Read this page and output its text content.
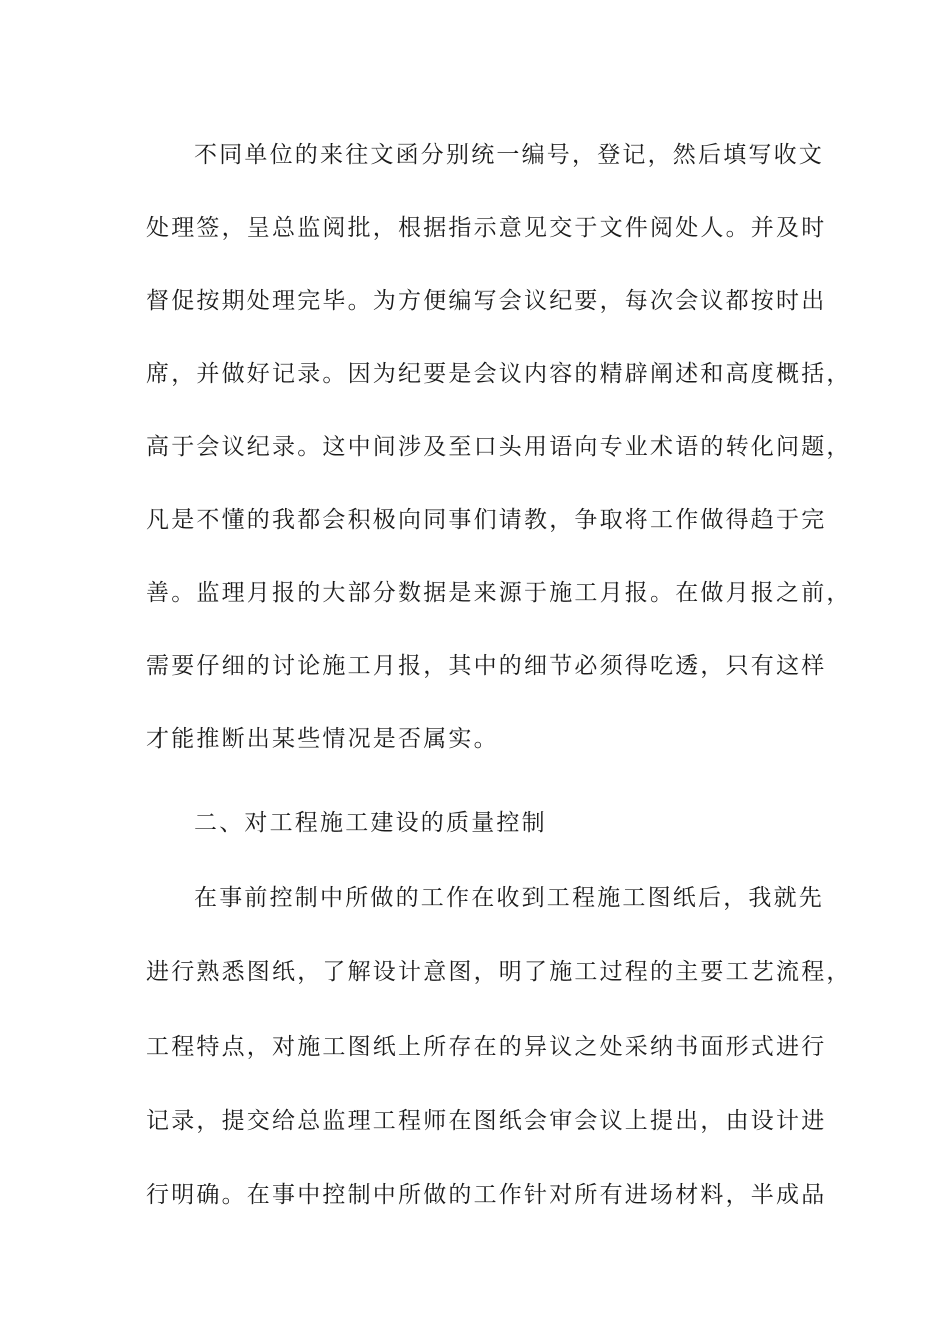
不同单位的来往文函分别统一编号，登记，然后填写收文

处理签，呈总监阅批，根据指示意见交于文件阅处人。并及时

督促按期处理完毕。为方便编写会议纪要，每次会议都按时出

席，并做好记录。因为纪要是会议内容的精辟阐述和高度概括，

高于会议纪录。这中间涉及至口头用语向专业术语的转化问题，

凡是不懂的我都会积极向同事们请教，争取将工作做得趋于完

善。监理月报的大部分数据是来源于施工月报。在做月报之前，

需要仔细的讨论施工月报，其中的细节必须得吃透，只有这样

才能推断出某些情况是否属实。

二、对工程施工建设的质量控制

在事前控制中所做的工作在收到工程施工图纸后，我就先

进行熟悉图纸，了解设计意图，明了施工过程的主要工艺流程，

工程特点，对施工图纸上所存在的异议之处采纳书面形式进行

记录，提交给总监理工程师在图纸会审会议上提出，由设计进

行明确。在事中控制中所做的工作针对所有进场材料，半成品
